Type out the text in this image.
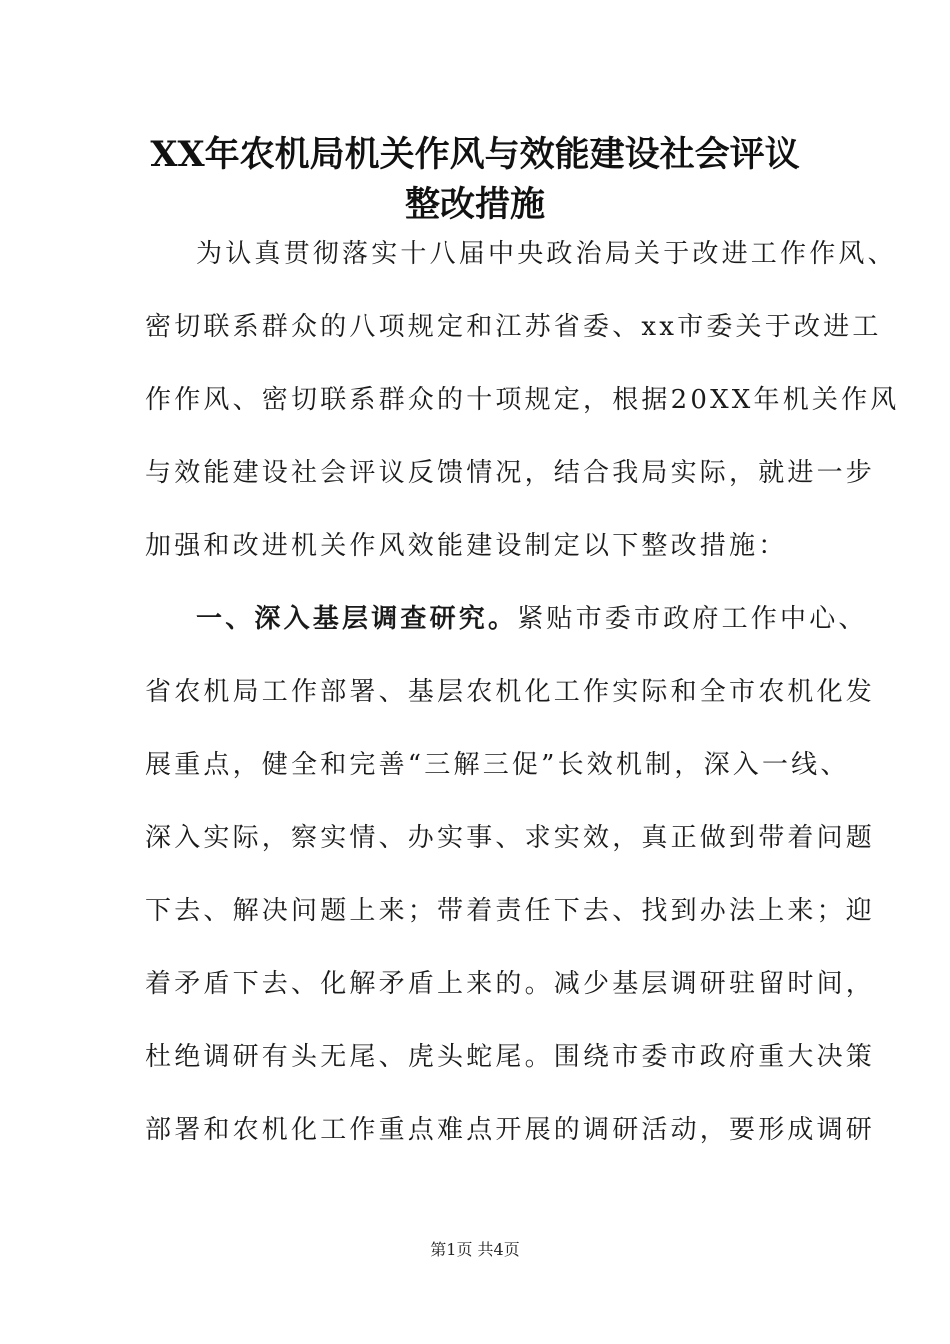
XX年农机局机关作风与效能建设社会评议
整改措施

为认真贯彻落实十八届中央政治局关于改进工作作风、

密切联系群众的八项规定和江苏省委、xx市委关于改进工

作作风、密切联系群众的十项规定，根据20XX年机关作风

与效能建设社会评议反馈情况，结合我局实际，就进一步

加强和改进机关作风效能建设制定以下整改措施：

一、深入基层调查研究。紧贴市委市政府工作中心、

省农机局工作部署、基层农机化工作实际和全市农机化发

展重点，健全和完善“三解三促”长效机制，深入一线、

深入实际，察实情、办实事、求实效，真正做到带着问题

下去、解决问题上来；带着责任下去、找到办法上来；迎

着矛盾下去、化解矛盾上来的。减少基层调研驻留时间，

杜绝调研有头无尾、虎头蛇尾。围绕市委市政府重大决策

部署和农机化工作重点难点开展的调研活动，要形成调研

第1页 共4页
